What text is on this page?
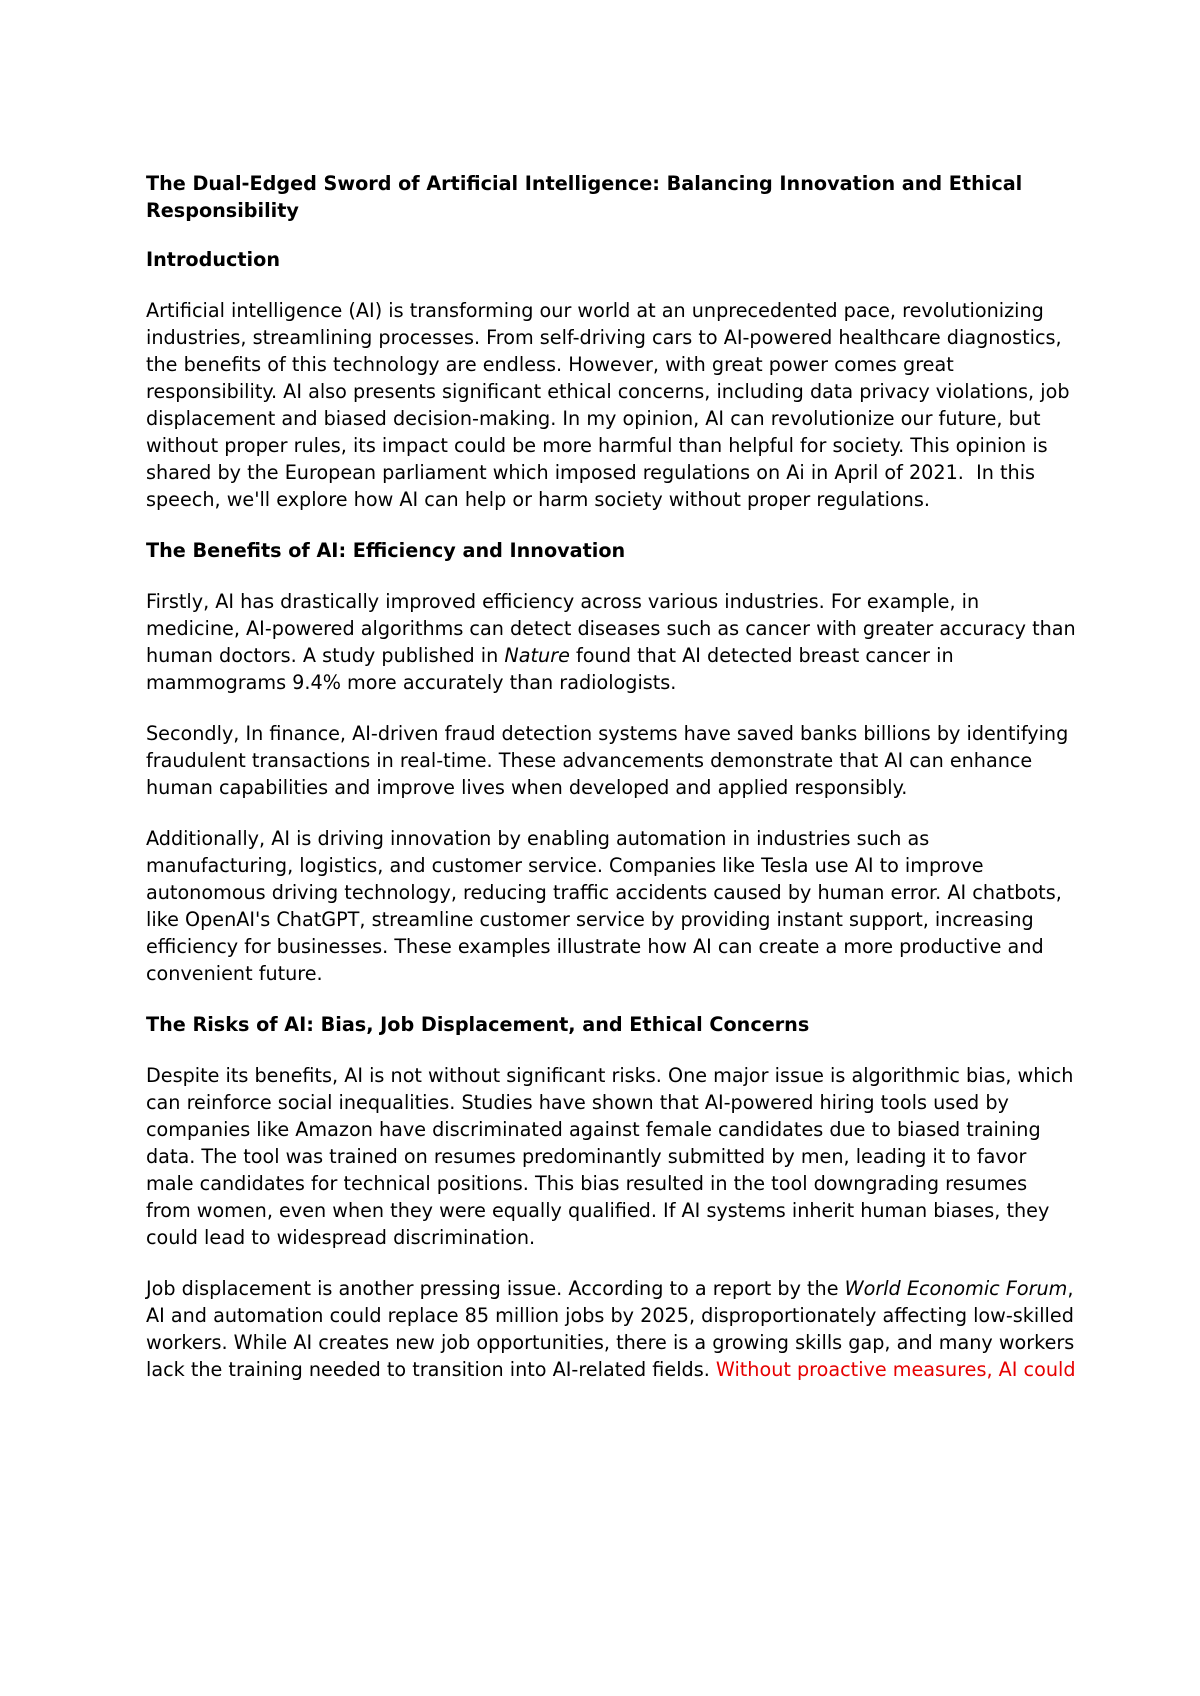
The Dual-Edged Sword of Artificial Intelligence: Balancing Innovation and Ethical Responsibility
Introduction
Artificial intelligence (AI) is transforming our world at an unprecedented pace, revolutionizing industries, streamlining processes. From self-driving cars to AI-powered healthcare diagnostics, the benefits of this technology are endless. However, with great power comes great responsibility. AI also presents significant ethical concerns, including data privacy violations, job displacement and biased decision-making. In my opinion, AI can revolutionize our future, but without proper rules, its impact could be more harmful than helpful for society. This opinion is shared by the European parliament which imposed regulations on Ai in April of 2021.  In this speech, we'll explore how AI can help or harm society without proper regulations.
The Benefits of AI: Efficiency and Innovation
Firstly, AI has drastically improved efficiency across various industries. For example, in medicine, AI-powered algorithms can detect diseases such as cancer with greater accuracy than human doctors. A study published in Nature found that AI detected breast cancer in mammograms 9.4% more accurately than radiologists.
Secondly, In finance, AI-driven fraud detection systems have saved banks billions by identifying fraudulent transactions in real-time. These advancements demonstrate that AI can enhance human capabilities and improve lives when developed and applied responsibly.
Additionally, AI is driving innovation by enabling automation in industries such as manufacturing, logistics, and customer service. Companies like Tesla use AI to improve autonomous driving technology, reducing traffic accidents caused by human error. AI chatbots, like OpenAI's ChatGPT, streamline customer service by providing instant support, increasing efficiency for businesses. These examples illustrate how AI can create a more productive and convenient future.
The Risks of AI: Bias, Job Displacement, and Ethical Concerns
Despite its benefits, AI is not without significant risks. One major issue is algorithmic bias, which can reinforce social inequalities. Studies have shown that AI-powered hiring tools used by companies like Amazon have discriminated against female candidates due to biased training data. The tool was trained on resumes predominantly submitted by men, leading it to favor male candidates for technical positions. This bias resulted in the tool downgrading resumes from women, even when they were equally qualified. If AI systems inherit human biases, they could lead to widespread discrimination.
Job displacement is another pressing issue. According to a report by the World Economic Forum, AI and automation could replace 85 million jobs by 2025, disproportionately affecting low-skilled workers. While AI creates new job opportunities, there is a growing skills gap, and many workers lack the training needed to transition into AI-related fields. Without proactive measures, AI could
